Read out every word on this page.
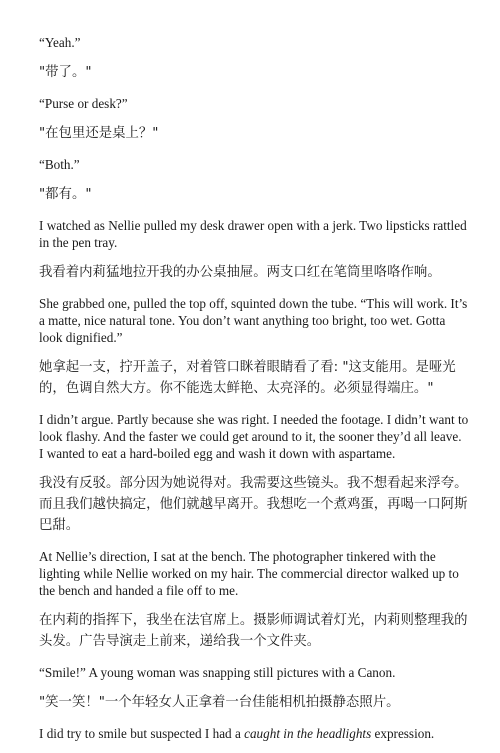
“Yeah.”

"带了。"

“Purse or desk?”

"在包里还是桌上？"

“Both.”

"都有。"

I watched as Nellie pulled my desk drawer open with a jerk. Two lipsticks rattled in the pen tray.

我看着内莉猛地拉开我的办公桌抽屉。两支口红在笔筒里咯咯作响。

She grabbed one, pulled the top off, squinted down the tube. “This will work. It’s a matte, nice natural tone. You don’t want anything too bright, too wet. Gotta look dignified.”

她拿起一支，拧开盖子，对着管口眯着眼睛看了看: "这支能用。是哑光的，色调自然大方。你不能选太鲜艳、太亮泽的。必须显得端庄。"

I didn’t argue. Partly because she was right. I needed the footage. I didn’t want to look flashy. And the faster we could get around to it, the sooner they’d all leave. I wanted to eat a hard-boiled egg and wash it down with aspartame.

我没有反驳。部分因为她说得对。我需要这些镜头。我不想看起来浮夸。而且我们越快搞定，他们就越早离开。我想吃一个煮鸡蛋，再喝一口阿斯巴甜。

At Nellie’s direction, I sat at the bench. The photographer tinkered with the lighting while Nellie worked on my hair. The commercial director walked up to the bench and handed a file off to me.

在内莉的指挥下，我坐在法官席上。摄影师调试着灯光，内莉则整理我的头发。广告导演走上前来，递给我一个文件夹。

“Smile!” A young woman was snapping still pictures with a Canon.

"笑一笑！"一个年轻女人正拿着一台佳能相机拍摄静态照片。

I did try to smile but suspected I had a caught in the headlights expression.
